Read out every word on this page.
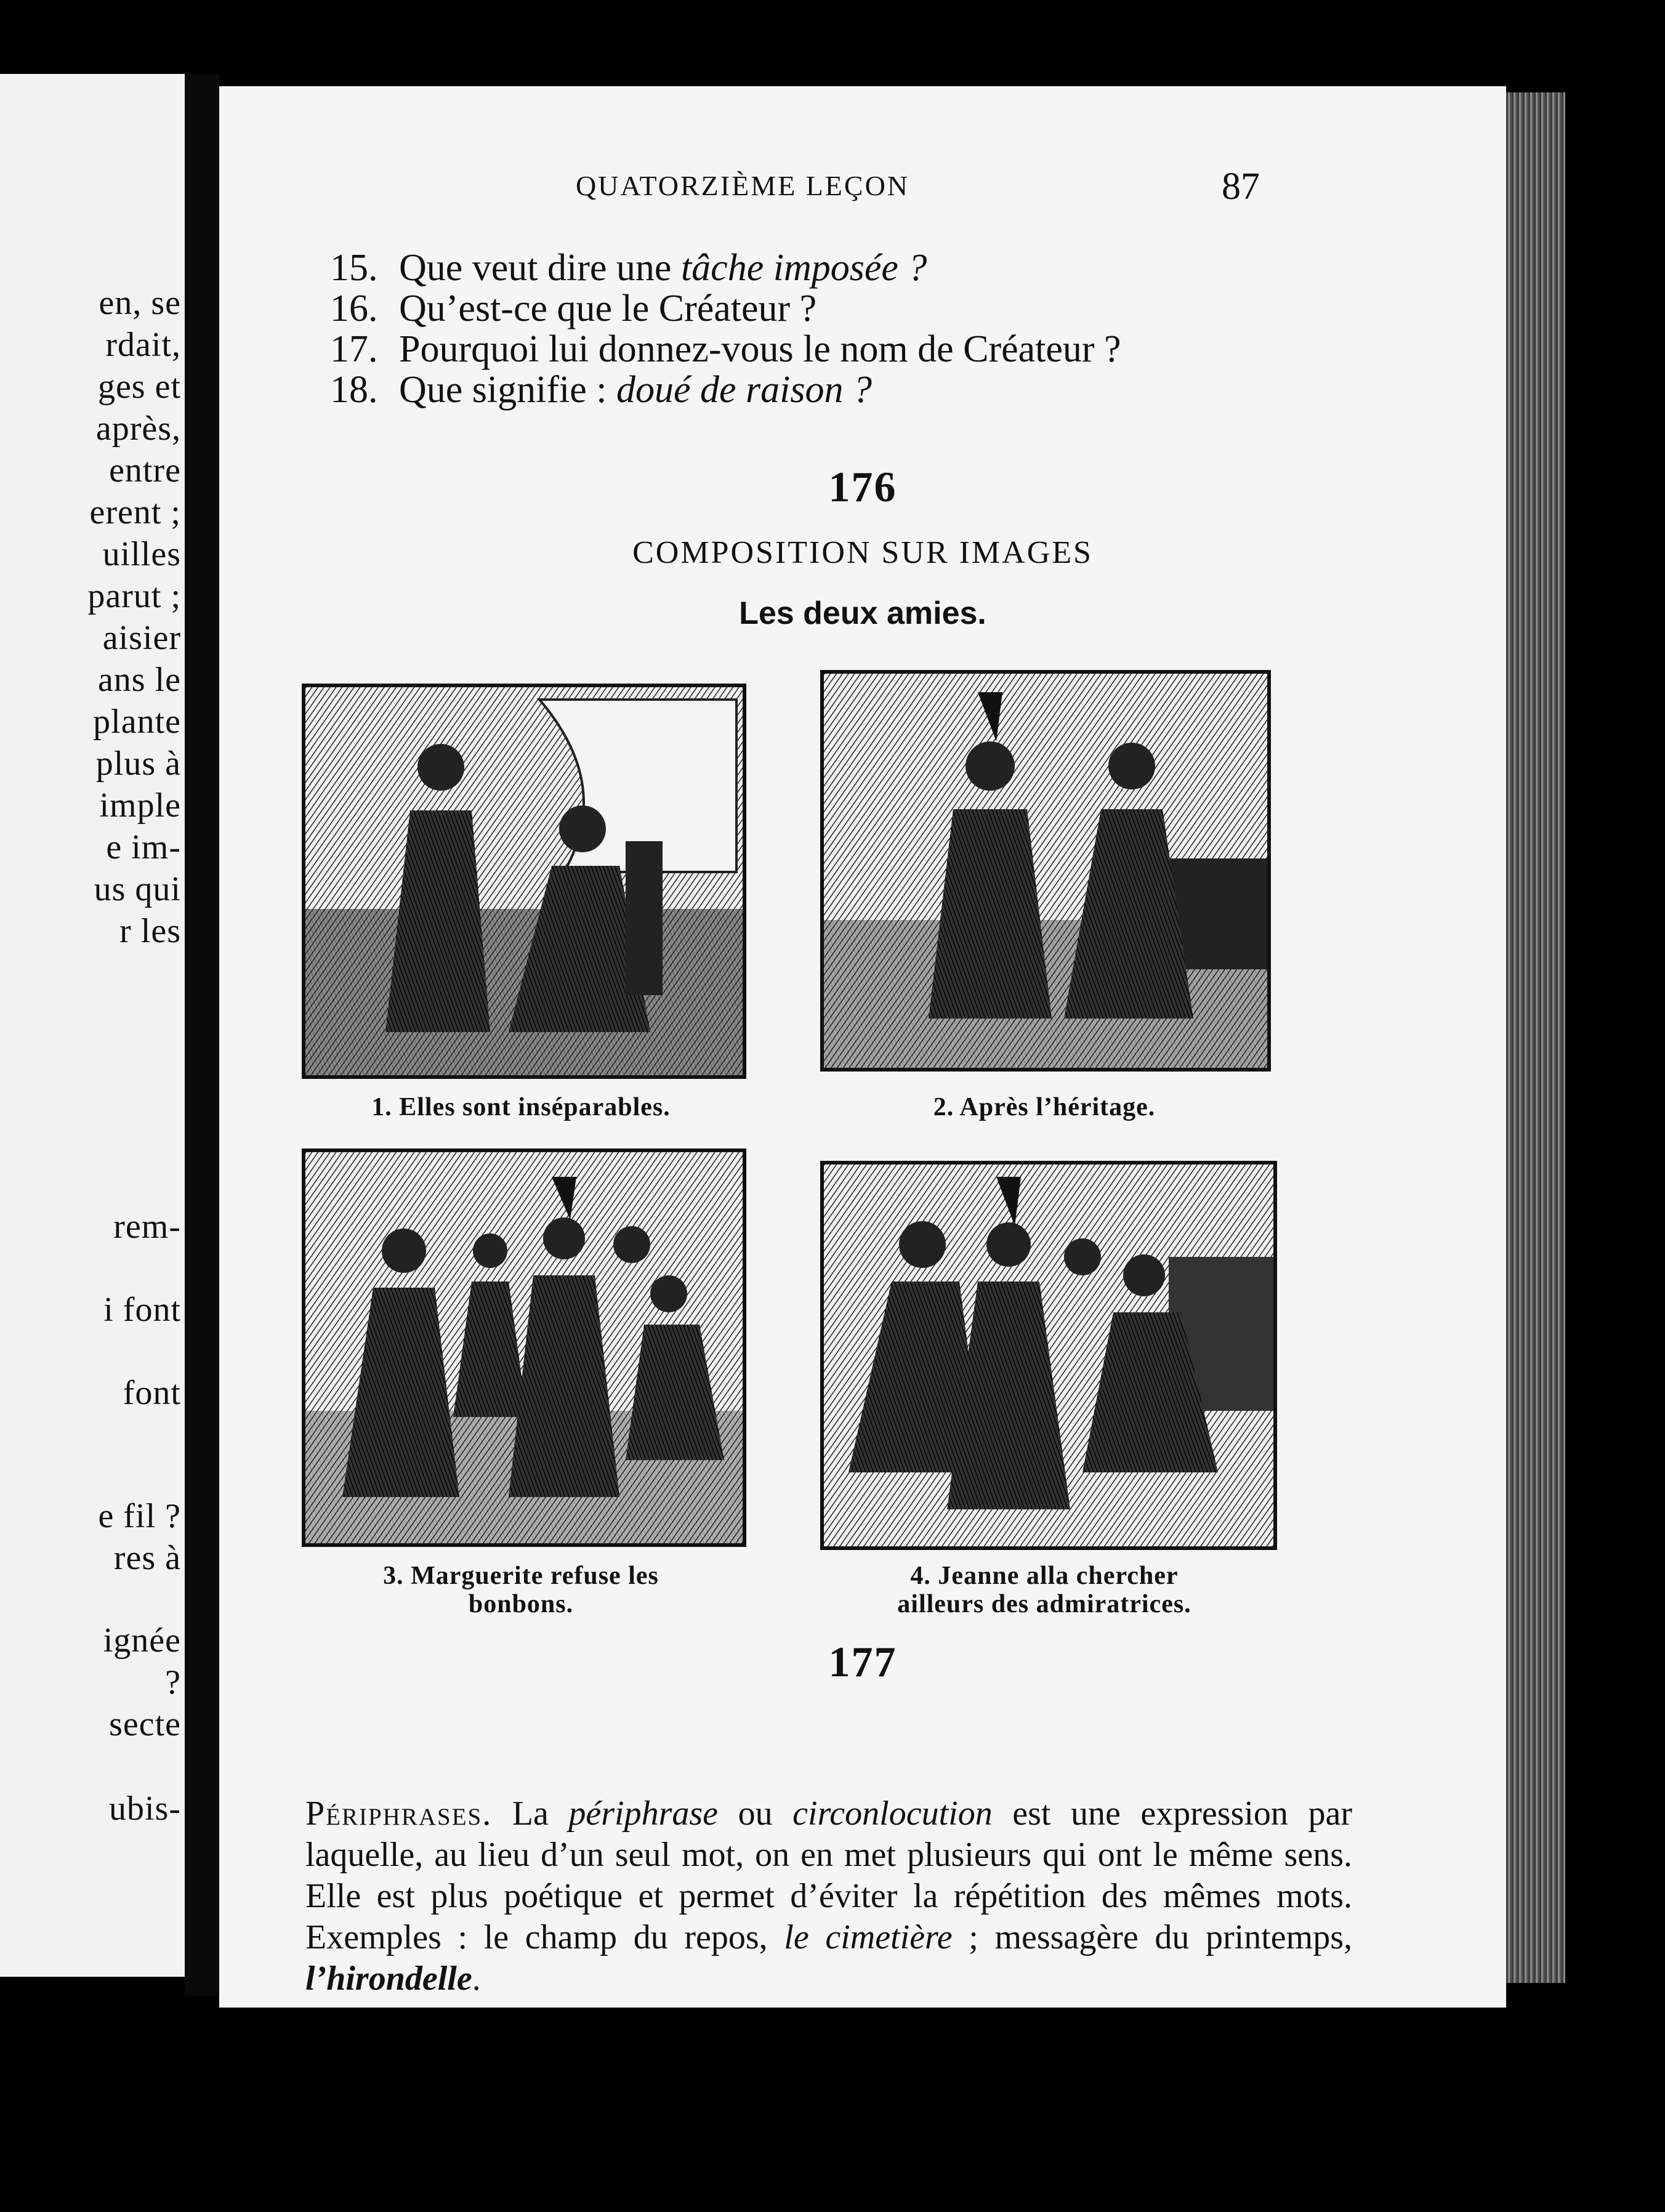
en, se
rdait,
ges et
après,
entre
erent ;
uilles
parut ;
aisier
ans le
plante
plus à
imple
e im-
us qui
r les
rem-
i font
font
e fil ?
res à
ignée
?
secte
ubis-
QUATORZIÈME LEÇON	87
15. Que veut dire une tâche imposée ?
16. Qu’est-ce que le Créateur ?
17. Pourquoi lui donnez-vous le nom de Créateur ?
18. Que signifie : doué de raison ?
176
COMPOSITION SUR IMAGES
Les deux amies.
1. Elles sont inséparables.	2. Après l’héritage.
3. Marguerite refuse les
bonbons.
4. Jeanne alla chercher
ailleurs des admiratrices.
177
Périphrases. La périphrase ou circonlocution est une expression par laquelle, au lieu d’un seul mot, on en met plusieurs qui ont le même sens. Elle est plus poétique et permet d’éviter la répétition des mêmes mots. Exemples : le champ du repos, le cimetière ; messagère du printemps, l’hirondelle.
